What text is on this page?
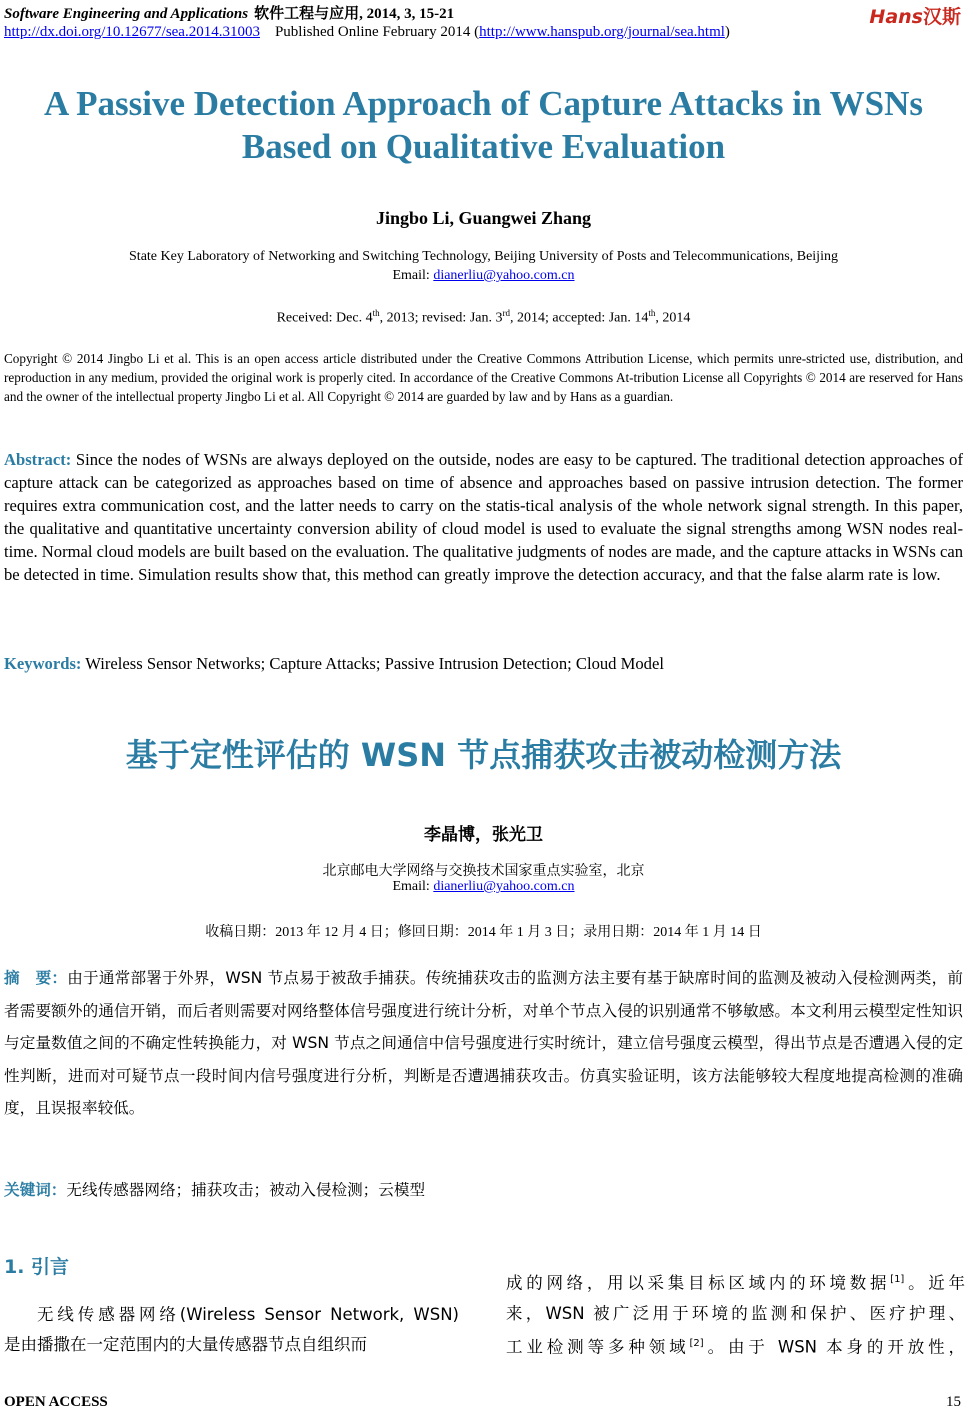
Software Engineering and Applications 软件工程与应用, 2014, 3, 15-21
http://dx.doi.org/10.12677/sea.2014.31003 Published Online February 2014 (http://www.hanspub.org/journal/sea.html)
Hans汉斯
A Passive Detection Approach of Capture Attacks in WSNs
Based on Qualitative Evaluation
Jingbo Li, Guangwei Zhang
State Key Laboratory of Networking and Switching Technology, Beijing University of Posts and Telecommunications, Beijing
Email: dianerliu@yahoo.com.cn
Received: Dec. 4th, 2013; revised: Jan. 3rd, 2014; accepted: Jan. 14th, 2014
Copyright © 2014 Jingbo Li et al. This is an open access article distributed under the Creative Commons Attribution License, which permits unre-stricted use, distribution, and reproduction in any medium, provided the original work is properly cited. In accordance of the Creative Commons At-tribution License all Copyrights © 2014 are reserved for Hans and the owner of the intellectual property Jingbo Li et al. All Copyright © 2014 are guarded by law and by Hans as a guardian.
Abstract: Since the nodes of WSNs are always deployed on the outside, nodes are easy to be captured. The traditional detection approaches of capture attack can be categorized as approaches based on time of absence and approaches based on passive intrusion detection. The former requires extra communication cost, and the latter needs to carry on the statis-tical analysis of the whole network signal strength. In this paper, the qualitative and quantitative uncertainty conversion ability of cloud model is used to evaluate the signal strengths among WSN nodes real-time. Normal cloud models are built based on the evaluation. The qualitative judgments of nodes are made, and the capture attacks in WSNs can be detected in time. Simulation results show that, this method can greatly improve the detection accuracy, and that the false alarm rate is low.
Keywords: Wireless Sensor Networks; Capture Attacks; Passive Intrusion Detection; Cloud Model
基于定性评估的 WSN 节点捕获攻击被动检测方法
李晶博，张光卫
北京邮电大学网络与交换技术国家重点实验室，北京
Email: dianerliu@yahoo.com.cn
收稿日期：2013 年 12 月 4 日；修回日期：2014 年 1 月 3 日；录用日期：2014 年 1 月 14 日
摘　要：由于通常部署于外界，WSN 节点易于被敌手捕获。传统捕获攻击的监测方法主要有基于缺席时间的监测及被动入侵检测两类，前者需要额外的通信开销，而后者则需要对网络整体信号强度进行统计分析，对单个节点入侵的识别通常不够敏感。本文利用云模型定性知识与定量数值之间的不确定性转换能力，对 WSN 节点之间通信中信号强度进行实时统计，建立信号强度云模型，得出节点是否遭遇入侵的定性判断，进而对可疑节点一段时间内信号强度进行分析，判断是否遭遇捕获攻击。仿真实验证明，该方法能够较大程度地提高检测的准确度，且误报率较低。
关键词：无线传感器网络；捕获攻击；被动入侵检测；云模型
1. 引言
无线传感器网络(Wireless Sensor Network, WSN)
是由播撒在一定范围内的大量传感器节点自组织而
成的网络，用以采集目标区域内的环境数据[1]。近年
来，WSN 被广泛用于环境的监测和保护、医疗护理、
工业检测等多种领域[2]。由于 WSN 本身的开放性，
OPEN ACCESS	15
